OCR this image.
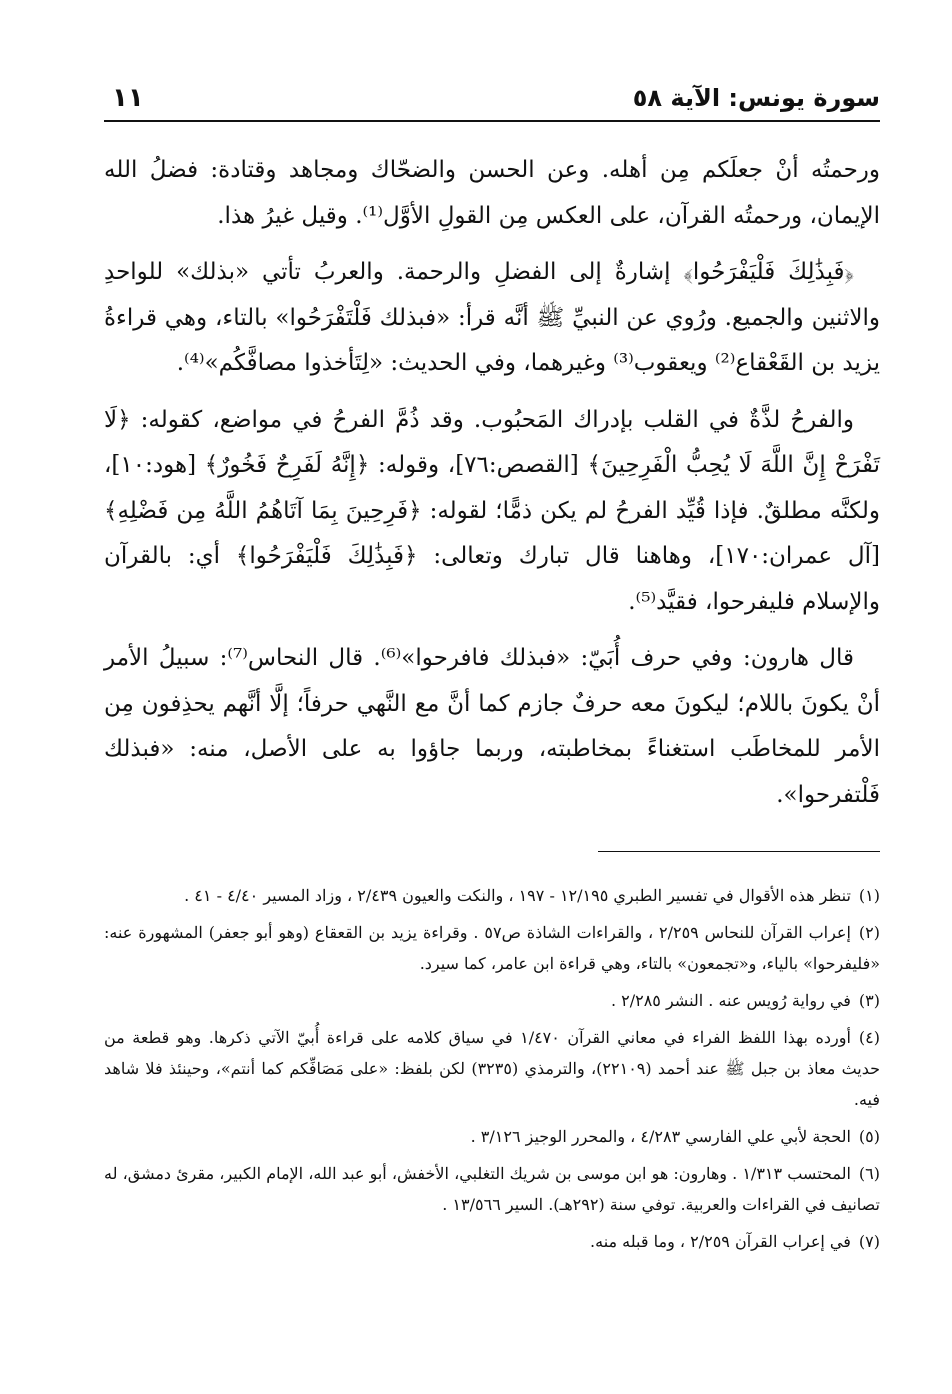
سورة يونس: الآية ٥٨
١١

ورحمتُه أنْ جعلَكم مِن أهله. وعن الحسن والضحّاك ومجاهد وقتادة: فضلُ الله الإيمان، ورحمتُه القرآن، على العكس مِن القولِ الأوَّل⁽¹⁾. وقيل غيرُ هذا.

﴿فَبِذَٰلِكَ فَلْيَفْرَحُوا﴾ إشارةٌ إلى الفضلِ والرحمة. والعربُ تأتي «بذلك» للواحدِ والاثنين والجميع. ورُوي عن النبيِّ ﷺ أنَّه قرأ: «فبذلك فَلْتَفْرَحُوا» بالتاء، وهي قراءةُ يزيد بن القَعْقاع⁽²⁾ ويعقوب⁽³⁾ وغيرهما، وفي الحديث: «لِتَأخذوا مصافَّكُم»⁽⁴⁾.

والفرحُ لذَّةٌ في القلب بإدراك المَحبُوب. وقد ذُمَّ الفرحُ في مواضع، كقوله: ﴿لَا تَفْرَحْ إِنَّ اللَّهَ لَا يُحِبُّ الْفَرِحِينَ﴾ [القصص:٧٦]، وقوله: ﴿إِنَّهُ لَفَرِحٌ فَخُورٌ﴾ [هود:١٠]، ولكنَّه مطلقٌ. فإذا قُيِّد الفرحُ لم يكن ذمًّا؛ لقوله: ﴿فَرِحِينَ بِمَا آتَاهُمُ اللَّهُ مِن فَضْلِهِ﴾ [آل عمران:١٧٠]، وهاهنا قال تبارك وتعالى: ﴿فَبِذَٰلِكَ فَلْيَفْرَحُوا﴾ أي: بالقرآن والإسلام فليفرحوا، فقيَّد⁽⁵⁾.

قال هارون: وفي حرف أُبَيّ: «فبذلك فافرحوا»⁽⁶⁾. قال النحاس⁽⁷⁾: سبيلُ الأمر أنْ يكونَ باللام؛ ليكونَ معه حرفٌ جازم كما أنَّ مع النَّهي حرفاً؛ إلَّا أنَّهم يحذِفون مِن الأمر للمخاطَب استغناءً بمخاطبته، وربما جاؤوا به على الأصل، منه: «فبذلك فَلْتفرحوا».

(١)تنظر هذه الأقوال في تفسير الطبري ١٢/١٩٥ - ١٩٧ ، والنكت والعيون ٢/٤٣٩ ، وزاد المسير ٤/٤٠ - ٤١ .

(٢)إعراب القرآن للنحاس ٢/٢٥٩ ، والقراءات الشاذة ص٥٧ . وقراءة يزيد بن القعقاع (وهو أبو جعفر) المشهورة عنه: «فليفرحوا» بالياء، و«تجمعون» بالتاء، وهي قراءة ابن عامر، كما سيرد.

(٣)في رواية رُويس عنه . النشر ٢/٢٨٥ .

(٤)أورده بهذا اللفظ الفراء في معاني القرآن ١/٤٧٠ في سياق كلامه على قراءة أُبيّ الآتي ذكرها. وهو قطعة من حديث معاذ بن جبل ﷺ عند أحمد (٢٢١٠٩)، والترمذي (٣٢٣٥) لكن بلفظ: «على مَصَافِّكم كما أنتم»، وحينئذ فلا شاهد فيه.

(٥)الحجة لأبي علي الفارسي ٤/٢٨٣ ، والمحرر الوجيز ٣/١٢٦ .

(٦)المحتسب ١/٣١٣ . وهارون: هو ابن موسى بن شريك التغلبي، الأخفش، أبو عبد الله، الإمام الكبير، مقرئ دمشق، له تصانيف في القراءات والعربية. توفي سنة (٢٩٢هـ). السير ١٣/٥٦٦ .

(٧)في إعراب القرآن ٢/٢٥٩ ، وما قبله منه.
